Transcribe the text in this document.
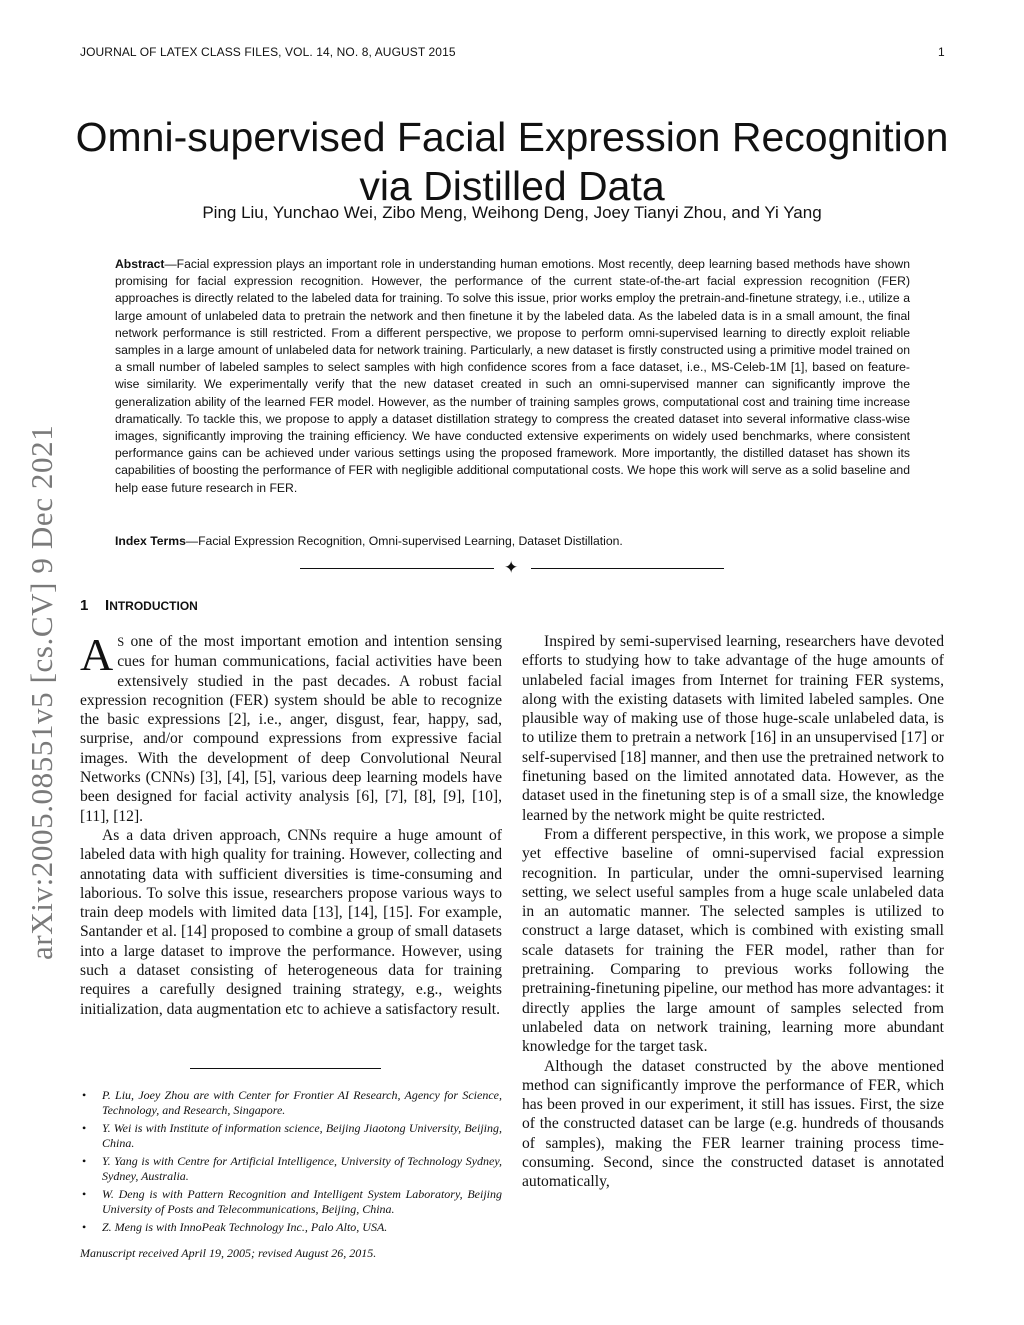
JOURNAL OF LATEX CLASS FILES, VOL. 14, NO. 8, AUGUST 2015	1
arXiv:2005.08551v5 [cs.CV] 9 Dec 2021
Omni-supervised Facial Expression Recognition via Distilled Data
Ping Liu, Yunchao Wei, Zibo Meng, Weihong Deng, Joey Tianyi Zhou, and Yi Yang
Abstract—Facial expression plays an important role in understanding human emotions. Most recently, deep learning based methods have shown promising for facial expression recognition. However, the performance of the current state-of-the-art facial expression recognition (FER) approaches is directly related to the labeled data for training. To solve this issue, prior works employ the pretrain-and-finetune strategy, i.e., utilize a large amount of unlabeled data to pretrain the network and then finetune it by the labeled data. As the labeled data is in a small amount, the final network performance is still restricted. From a different perspective, we propose to perform omni-supervised learning to directly exploit reliable samples in a large amount of unlabeled data for network training. Particularly, a new dataset is firstly constructed using a primitive model trained on a small number of labeled samples to select samples with high confidence scores from a face dataset, i.e., MS-Celeb-1M [1], based on feature-wise similarity. We experimentally verify that the new dataset created in such an omni-supervised manner can significantly improve the generalization ability of the learned FER model. However, as the number of training samples grows, computational cost and training time increase dramatically. To tackle this, we propose to apply a dataset distillation strategy to compress the created dataset into several informative class-wise images, significantly improving the training efficiency. We have conducted extensive experiments on widely used benchmarks, where consistent performance gains can be achieved under various settings using the proposed framework. More importantly, the distilled dataset has shown its capabilities of boosting the performance of FER with negligible additional computational costs. We hope this work will serve as a solid baseline and help ease future research in FER.
Index Terms—Facial Expression Recognition, Omni-supervised Learning, Dataset Distillation.
✦
1 INTRODUCTION

A S one of the most important emotion and intention sensing cues for human communications, facial activities have been extensively studied in the past decades. A robust facial expression recognition (FER) system should be able to recognize the basic expressions [2], i.e., anger, disgust, fear, happy, sad, surprise, and/or compound expressions from expressive facial images. With the development of deep Convolutional Neural Networks (CNNs) [3], [4], [5], various deep learning models have been designed for facial activity analysis [6], [7], [8], [9], [10], [11], [12].

As a data driven approach, CNNs require a huge amount of labeled data with high quality for training. However, collecting and annotating data with sufficient diversities is time-consuming and laborious. To solve this issue, researchers propose various ways to train deep models with limited data [13], [14], [15]. For example, Santander et al. [14] proposed to combine a group of small datasets into a large dataset to improve the performance. However, using such a dataset consisting of heterogeneous data for training requires a carefully designed training strategy, e.g., weights initialization, data augmentation etc to achieve a satisfactory result.

Inspired by semi-supervised learning, researchers have devoted efforts to studying how to take advantage of the huge amounts of unlabeled facial images from Internet for training FER systems, along with the existing datasets with limited labeled samples. One plausible way of making use of those huge-scale unlabeled data, is to utilize them to pretrain a network [16] in an unsupervised [17] or self-supervised [18] manner, and then use the pretrained network to finetuning based on the limited annotated data. However, as the dataset used in the finetuning step is of a small size, the knowledge learned by the network might be quite restricted.

From a different perspective, in this work, we propose a simple yet effective baseline of omni-supervised facial expression recognition. In particular, under the omni-supervised learning setting, we select useful samples from a huge scale unlabeled data in an automatic manner. The selected samples is utilized to construct a large dataset, which is combined with existing small scale datasets for training the FER model, rather than for pretraining. Comparing to previous works following the pretraining-finetuning pipeline, our method has more advantages: it directly applies the large amount of samples selected from unlabeled data on network training, learning more abundant knowledge for the target task.

Although the dataset constructed by the above mentioned method can significantly improve the performance of FER, which has been proved in our experiment, it still has issues. First, the size of the constructed dataset can be large (e.g. hundreds of thousands of samples), making the FER learner training process time-consuming. Second, since the constructed dataset is annotated automatically,

• P. Liu, Joey Zhou are with Center for Frontier AI Research, Agency for Science, Technology, and Research, Singapore.
• Y. Wei is with Institute of information science, Beijing Jiaotong University, Beijing, China.
• Y. Yang is with Centre for Artificial Intelligence, University of Technology Sydney, Sydney, Australia.
• W. Deng is with Pattern Recognition and Intelligent System Laboratory, Beijing University of Posts and Telecommunications, Beijing, China.
• Z. Meng is with InnoPeak Technology Inc., Palo Alto, USA.
Manuscript received April 19, 2005; revised August 26, 2015.
